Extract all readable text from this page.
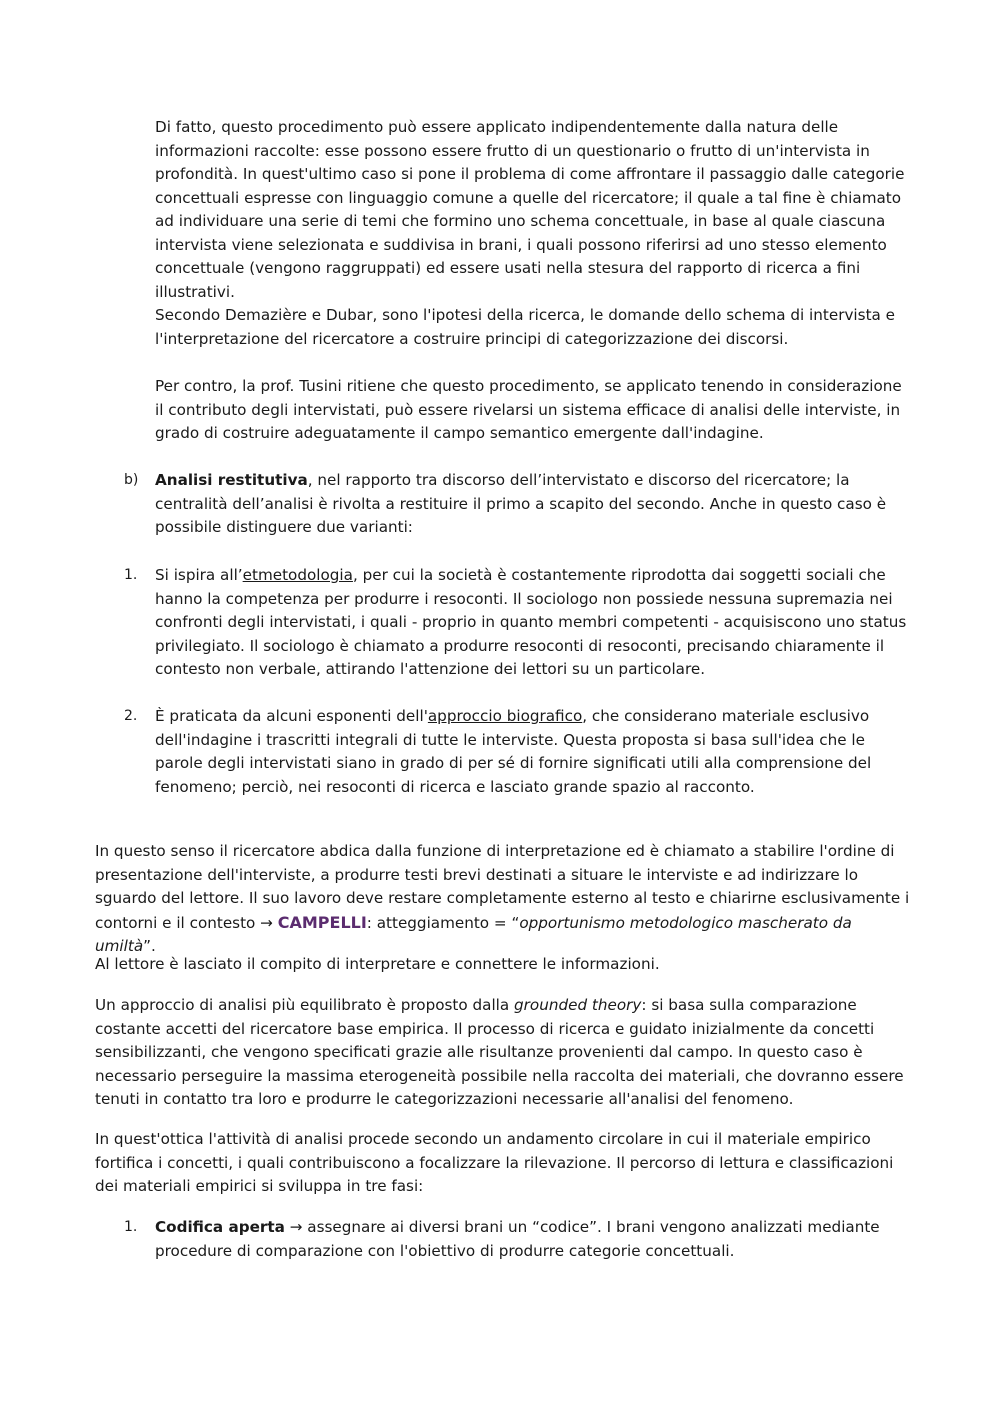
Di fatto, questo procedimento può essere applicato indipendentemente dalla natura delle informazioni raccolte: esse possono essere frutto di un questionario o frutto di un'intervista in profondità. In quest'ultimo caso si pone il problema di come affrontare il passaggio dalle categorie concettuali espresse con linguaggio comune a quelle del ricercatore; il quale a tal fine è chiamato ad individuare una serie di temi che formino uno schema concettuale, in base al quale ciascuna intervista viene selezionata e suddivisa in brani, i quali possono riferirsi ad uno stesso elemento concettuale (vengono raggruppati) ed essere usati nella stesura del rapporto di ricerca a fini illustrativi.

Secondo Demazière e Dubar, sono l'ipotesi della ricerca, le domande dello schema di intervista e l'interpretazione del ricercatore a costruire principi di categorizzazione dei discorsi.

Per contro, la prof. Tusini ritiene che questo procedimento, se applicato tenendo in considerazione il contributo degli intervistati, può essere rivelarsi un sistema efficace di analisi delle interviste, in grado di costruire adeguatamente il campo semantico emergente dall'indagine.

b) Analisi restitutiva, nel rapporto tra discorso dell’intervistato e discorso del ricercatore; la centralità dell’analisi è rivolta a restituire il primo a scapito del secondo. Anche in questo caso è possibile distinguere due varianti:

1. Si ispira all’etmetodologia, per cui la società è costantemente riprodotta dai soggetti sociali che hanno la competenza per produrre i resoconti. Il sociologo non possiede nessuna supremazia nei confronti degli intervistati, i quali - proprio in quanto membri competenti - acquisiscono uno status privilegiato. Il sociologo è chiamato a produrre resoconti di resoconti, precisando chiaramente il contesto non verbale, attirando l'attenzione dei lettori su un particolare.

2. È praticata da alcuni esponenti dell'approccio biografico, che considerano materiale esclusivo dell'indagine i trascritti integrali di tutte le interviste. Questa proposta si basa sull'idea che le parole degli intervistati siano in grado di per sé di fornire significati utili alla comprensione del fenomeno; perciò, nei resoconti di ricerca e lasciato grande spazio al racconto.

In questo senso il ricercatore abdica dalla funzione di interpretazione ed è chiamato a stabilire l'ordine di presentazione dell'interviste, a produrre testi brevi destinati a situare le interviste e ad indirizzare lo sguardo del lettore. Il suo lavoro deve restare completamente esterno al testo e chiarirne esclusivamente i contorni e il contesto → CAMPELLI: atteggiamento = “opportunismo metodologico mascherato da umiltà”.

Al lettore è lasciato il compito di interpretare e connettere le informazioni.

Un approccio di analisi più equilibrato è proposto dalla grounded theory: si basa sulla comparazione costante accetti del ricercatore base empirica. Il processo di ricerca e guidato inizialmente da concetti sensibilizzanti, che vengono specificati grazie alle risultanze provenienti dal campo. In questo caso è necessario perseguire la massima eterogeneità possibile nella raccolta dei materiali, che dovranno essere tenuti in contatto tra loro e produrre le categorizzazioni necessarie all'analisi del fenomeno.

In quest'ottica l'attività di analisi procede secondo un andamento circolare in cui il materiale empirico fortifica i concetti, i quali contribuiscono a focalizzare la rilevazione. Il percorso di lettura e classificazioni dei materiali empirici si sviluppa in tre fasi:

1. Codifica aperta → assegnare ai diversi brani un “codice”. I brani vengono analizzati mediante procedure di comparazione con l'obiettivo di produrre categorie concettuali.
